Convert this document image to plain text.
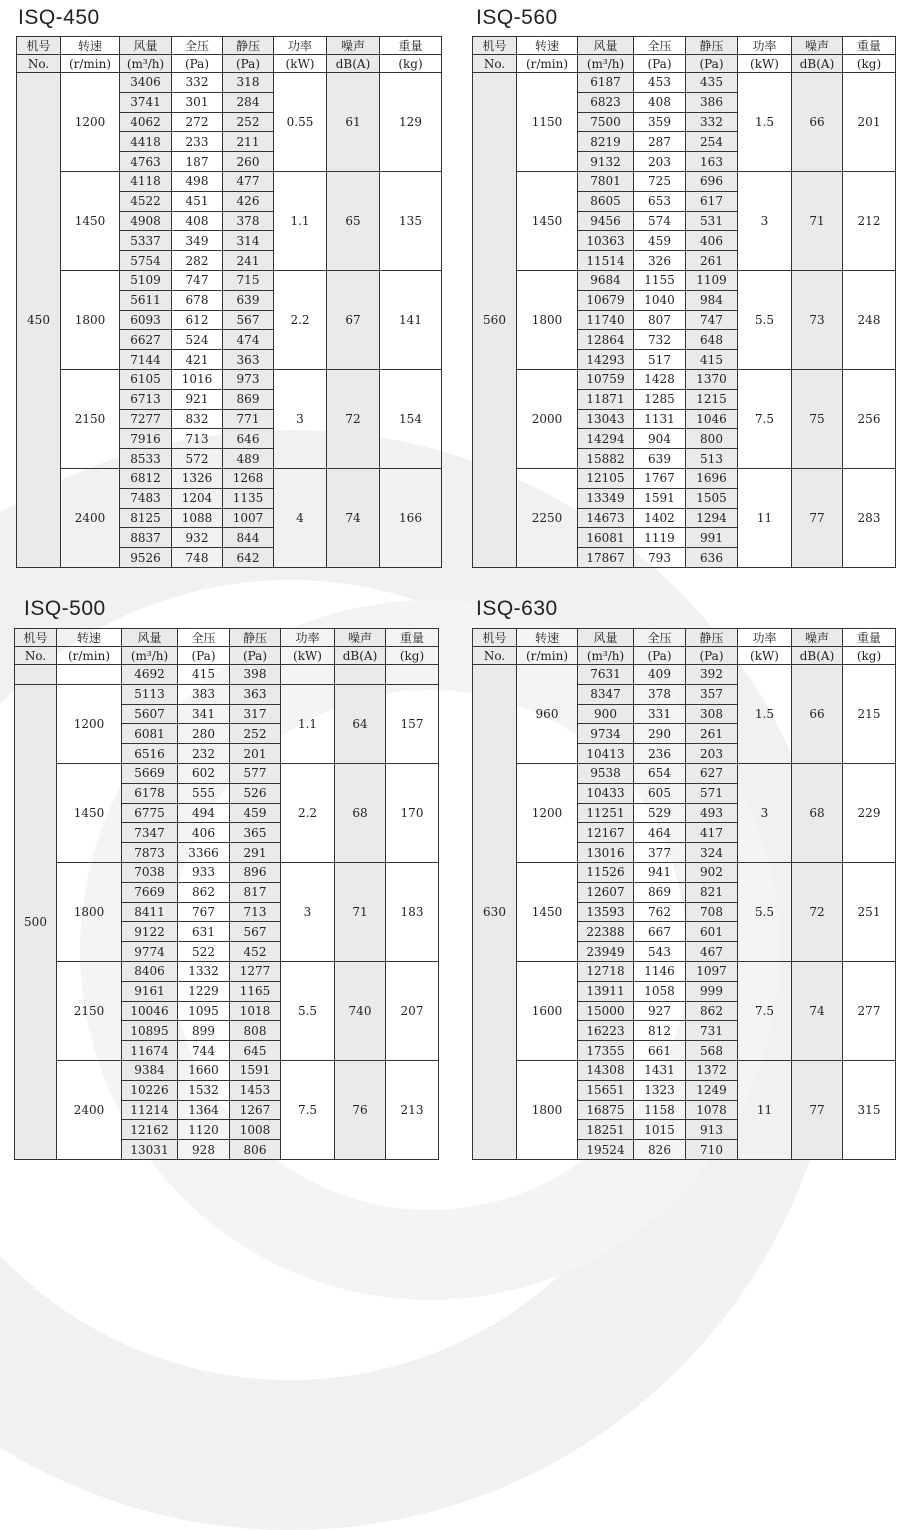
ISQ-450
机号	转速	风量	全压	静压	功率	噪声	重量
No.	(r/min)	(m³/h)	(Pa)	(Pa)	(kW)	dB(A)	(kg)
450	1200	3406	332	318	0.55	61	129
		3741	301	284			
		4062	272	252			
		4418	233	211			
		4763	187	260			
	1450	4118	498	477	1.1	65	135
		4522	451	426			
		4908	408	378			
		5337	349	314			
		5754	282	241			
	1800	5109	747	715	2.2	67	141
		5611	678	639			
		6093	612	567			
		6627	524	474			
		7144	421	363			
	2150	6105	1016	973	3	72	154
		6713	921	869			
		7277	832	771			
		7916	713	646			
		8533	572	489			
	2400	6812	1326	1268	4	74	166
		7483	1204	1135			
		8125	1088	1007			
		8837	932	844			
		9526	748	642			
ISQ-560
机号	转速	风量	全压	静压	功率	噪声	重量
No.	(r/min)	(m³/h)	(Pa)	(Pa)	(kW)	dB(A)	(kg)
560	1150	6187	453	435	1.5	66	201
		6823	408	386			
		7500	359	332			
		8219	287	254			
		9132	203	163			
	1450	7801	725	696	3	71	212
		8605	653	617			
		9456	574	531			
		10363	459	406			
		11514	326	261			
	1800	9684	1155	1109	5.5	73	248
		10679	1040	984			
		11740	807	747			
		12864	732	648			
		14293	517	415			
	2000	10759	1428	1370	7.5	75	256
		11871	1285	1215			
		13043	1131	1046			
		14294	904	800			
		15882	639	513			
	2250	12105	1767	1696	11	77	283
		13349	1591	1505			
		14673	1402	1294			
		16081	1119	991			
		17867	793	636			
ISQ-500
机号	转速	风量	全压	静压	功率	噪声	重量
No.	(r/min)	(m³/h)	(Pa)	(Pa)	(kW)	dB(A)	(kg)
		4692	415	398			
500	1200	5113	383	363	1.1	64	157
		5607	341	317			
		6081	280	252			
		6516	232	201			
	1450	5669	602	577	2.2	68	170
		6178	555	526			
		6775	494	459			
		7347	406	365			
		7873	3366	291			
	1800	7038	933	896	3	71	183
		7669	862	817			
		8411	767	713			
		9122	631	567			
		9774	522	452			
	2150	8406	1332	1277	5.5	740	207
		9161	1229	1165			
		10046	1095	1018			
		10895	899	808			
		11674	744	645			
	2400	9384	1660	1591	7.5	76	213
		10226	1532	1453			
		11214	1364	1267			
		12162	1120	1008			
		13031	928	806			
ISQ-630
机号	转速	风量	全压	静压	功率	噪声	重量
No.	(r/min)	(m³/h)	(Pa)	(Pa)	(kW)	dB(A)	(kg)
630	960	7631	409	392	1.5	66	215
		8347	378	357			
		900	331	308			
		9734	290	261			
		10413	236	203			
	1200	9538	654	627	3	68	229
		10433	605	571			
		11251	529	493			
		12167	464	417			
		13016	377	324			
	1450	11526	941	902	5.5	72	251
		12607	869	821			
		13593	762	708			
		22388	667	601			
		23949	543	467			
	1600	12718	1146	1097	7.5	74	277
		13911	1058	999			
		15000	927	862			
		16223	812	731			
		17355	661	568			
	1800	14308	1431	1372	11	77	315
		15651	1323	1249			
		16875	1158	1078			
		18251	1015	913			
		19524	826	710			
